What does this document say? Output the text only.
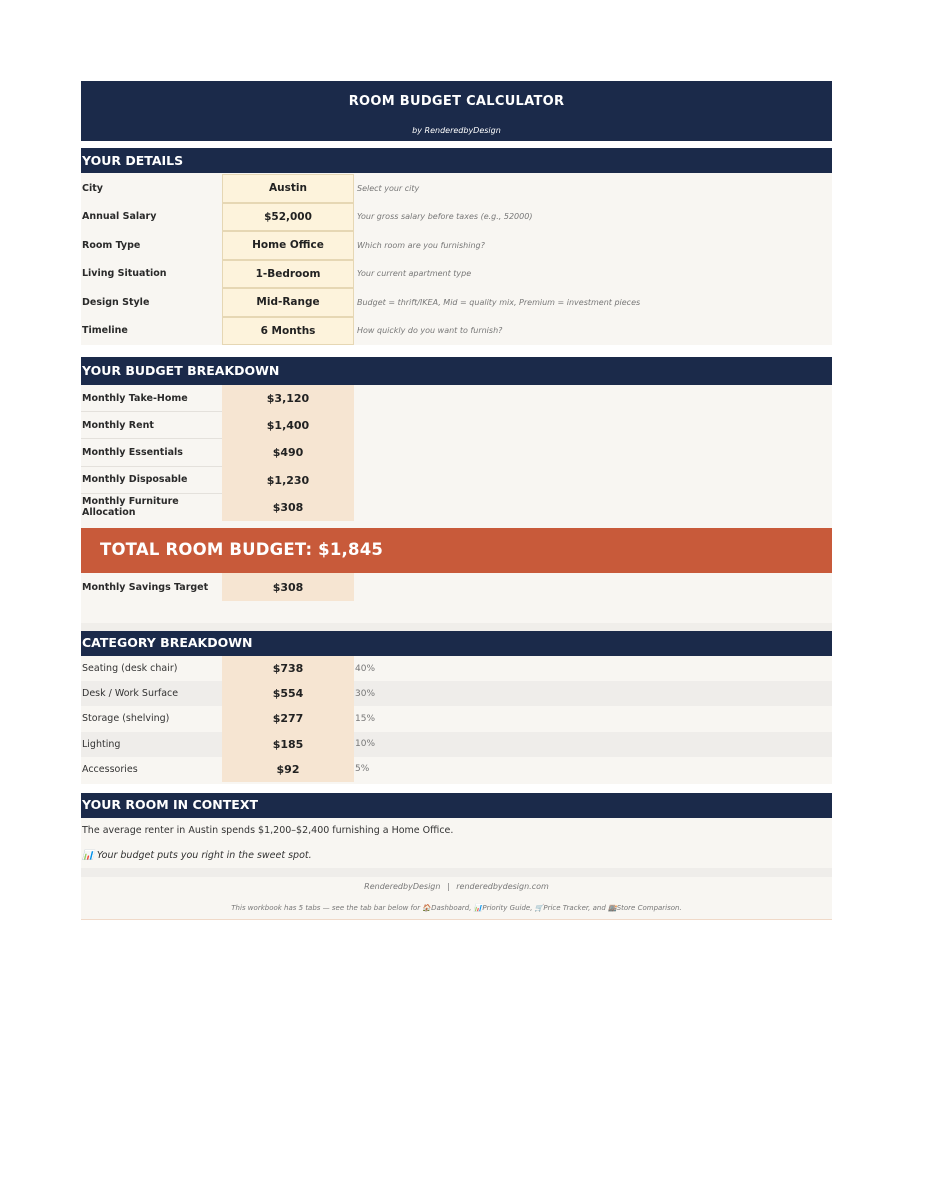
ROOM BUDGET CALCULATOR
by RenderedbyDesign
YOUR DETAILS
City	Austin	Select your city
Annual Salary	$52,000	Your gross salary before taxes (e.g., 52000)
Room Type	Home Office	Which room are you furnishing?
Living Situation	1-Bedroom	Your current apartment type
Design Style	Mid-Range	Budget = thrift/IKEA, Mid = quality mix, Premium = investment pieces
Timeline	6 Months	How quickly do you want to furnish?
YOUR BUDGET BREAKDOWN
Monthly Take-Home	$3,120
Monthly Rent	$1,400
Monthly Essentials	$490
Monthly Disposable	$1,230
Monthly Furniture Allocation	$308
TOTAL ROOM BUDGET: $1,845
Monthly Savings Target	$308
CATEGORY BREAKDOWN
Seating (desk chair)	$738	40%
Desk / Work Surface	$554	30%
Storage (shelving)	$277	15%
Lighting	$185	10%
Accessories	$92	5%
YOUR ROOM IN CONTEXT
The average renter in Austin spends $1,200–$2,400 furnishing a Home Office.
📊 Your budget puts you right in the sweet spot.
RenderedbyDesign | renderedbydesign.com
This workbook has 5 tabs — see the tab bar below for 🏠Dashboard, 📊Priority Guide, 🛒Price Tracker, and 🏬Store Comparison.
